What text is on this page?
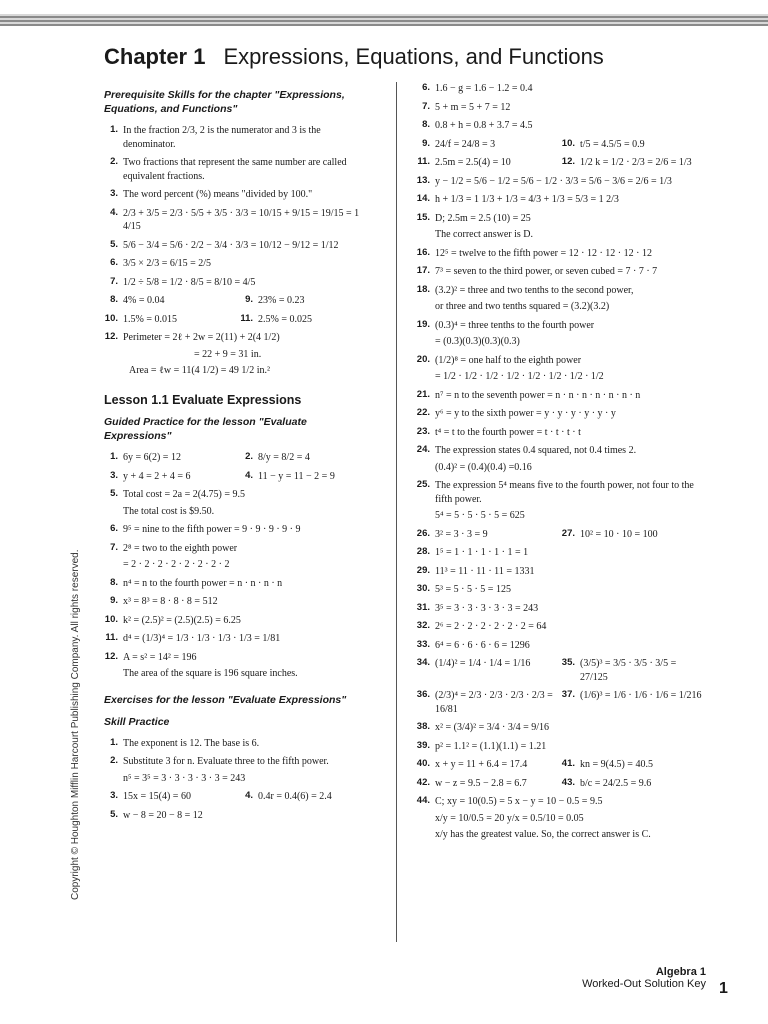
Chapter 1 Expressions, Equations, and Functions
Copyright © Houghton Mifflin Harcourt Publishing Company. All rights reserved.
Prerequisite Skills for the chapter "Expressions, Equations, and Functions"
1. In the fraction 2/3, 2 is the numerator and 3 is the denominator.
2. Two fractions that represent the same number are called equivalent fractions.
3. The word percent (%) means "divided by 100."
4. 2/3 + 3/5 = 2/3 · 5/5 + 3/5 · 3/3 = 10/15 + 9/15 = 19/15 = 1 4/15
5. 5/6 − 3/4 = 5/6 · 2/2 − 3/4 · 3/3 = 10/12 − 9/12 = 1/12
6. 3/5 × 2/3 = 6/15 = 2/5
7. 1/2 ÷ 5/8 = 1/2 · 8/5 = 8/10 = 4/5
8. 4% = 0.04	9. 23% = 0.23
10. 1.5% = 0.015	11. 2.5% = 0.025
12. Perimeter = 2ℓ + 2w = 2(11) + 2(4 1/2)
= 22 + 9 = 31 in.
Area = ℓw = 11(4 1/2) = 49 1/2 in.²
Lesson 1.1 Evaluate Expressions
Guided Practice for the lesson "Evaluate Expressions"
1. 6y = 6(2) = 12	2. 8/y = 8/2 = 4
3. y + 4 = 2 + 4 = 6	4. 11 − y = 11 − 2 = 9
5. Total cost = 2a = 2(4.75) = 9.5
The total cost is $9.50.
6. 9⁵ = nine to the fifth power = 9 · 9 · 9 · 9 · 9
7. 2⁸ = two to the eighth power
= 2 · 2 · 2 · 2 · 2 · 2 · 2 · 2
8. n⁴ = n to the fourth power = n · n · n · n
9. x³ = 8³ = 8 · 8 · 8 = 512
10. k² = (2.5)² = (2.5)(2.5) = 6.25
11. d⁴ = (1/3)⁴ = 1/3 · 1/3 · 1/3 · 1/3 = 1/81
12. A = s² = 14² = 196
The area of the square is 196 square inches.
Exercises for the lesson "Evaluate Expressions"
Skill Practice
1. The exponent is 12. The base is 6.
2. Substitute 3 for n. Evaluate three to the fifth power.
n⁵ = 3⁵ = 3 · 3 · 3 · 3 · 3 = 243
3. 15x = 15(4) = 60	4. 0.4r = 0.4(6) = 2.4
5. w − 8 = 20 − 8 = 12
6. 1.6 − g = 1.6 − 1.2 = 0.4
7. 5 + m = 5 + 7 = 12
8. 0.8 + h = 0.8 + 3.7 = 4.5
9. 24/f = 24/8 = 3	10. t/5 = 4.5/5 = 0.9
11. 2.5m = 2.5(4) = 10	12. 1/2 k = 1/2 · 2/3 = 2/6 = 1/3
13. y − 1/2 = 5/6 − 1/2 = 5/6 − 1/2 · 3/3 = 5/6 − 3/6 = 2/6 = 1/3
14. h + 1/3 = 1 1/3 + 1/3 = 4/3 + 1/3 = 5/3 = 1 2/3
15. D; 2.5m = 2.5 (10) = 25
The correct answer is D.
16. 12⁵ = twelve to the fifth power = 12 · 12 · 12 · 12 · 12
17. 7³ = seven to the third power, or seven cubed = 7 · 7 · 7
18. (3.2)² = three and two tenths to the second power,
or three and two tenths squared = (3.2)(3.2)
19. (0.3)⁴ = three tenths to the fourth power
= (0.3)(0.3)(0.3)(0.3)
20. (1/2)⁸ = one half to the eighth power
= 1/2 · 1/2 · 1/2 · 1/2 · 1/2 · 1/2 · 1/2 · 1/2
21. n⁷ = n to the seventh power = n · n · n · n · n · n · n
22. y⁶ = y to the sixth power = y · y · y · y · y · y
23. t⁴ = t to the fourth power = t · t · t · t
24. The expression states 0.4 squared, not 0.4 times 2.
(0.4)² = (0.4)(0.4) =0.16
25. The expression 5⁴ means five to the fourth power, not four to the fifth power.
5⁴ = 5 · 5 · 5 · 5 = 625
26. 3² = 3 · 3 = 9	27. 10² = 10 · 10 = 100
28. 1⁵ = 1 · 1 · 1 · 1 · 1 = 1
29. 11³ = 11 · 11 · 11 = 1331
30. 5³ = 5 · 5 · 5 = 125
31. 3⁵ = 3 · 3 · 3 · 3 · 3 = 243
32. 2⁶ = 2 · 2 · 2 · 2 · 2 · 2 = 64
33. 6⁴ = 6 · 6 · 6 · 6 = 1296
34. (1/4)² = 1/4 · 1/4 = 1/16	35. (3/5)³ = 3/5 · 3/5 · 3/5 = 27/125
36. (2/3)⁴ = 2/3 · 2/3 · 2/3 · 2/3 = 16/81
37. (1/6)³ = 1/6 · 1/6 · 1/6 = 1/216
38. x² = (3/4)² = 3/4 · 3/4 = 9/16
39. p² = 1.1² = (1.1)(1.1) = 1.21
40. x + y = 11 + 6.4 = 17.4	41. kn = 9(4.5) = 40.5
42. w − z = 9.5 − 2.8 = 6.7	43. b/c = 24/2.5 = 9.6
44. C; xy = 10(0.5) = 5 x − y = 10 − 0.5 = 9.5
x/y = 10/0.5 = 20 y/x = 0.5/10 = 0.05
x/y has the greatest value. So, the correct answer is C.
Algebra 1
Worked-Out Solution Key 1
